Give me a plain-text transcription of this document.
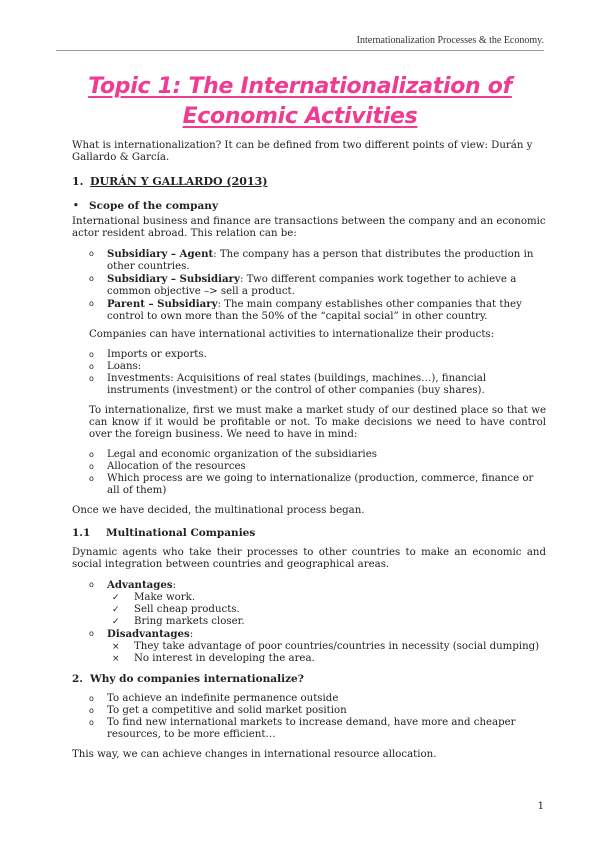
Internationalization Processes & the Economy.
Topic 1: The Internationalization of
Economic Activities

What is internationalization? It can be defined from two different points of view: Durán y Gallardo & García.

1. DURÁN Y GALLARDO (2013)
• Scope of the company

International business and finance are transactions between the company and an economic actor resident abroad. This relation can be:

o	Subsidiary – Agent: The company has a person that distributes the production in other countries.
o	Subsidiary – Subsidiary: Two different companies work together to achieve a common objective –> sell a product.
o	Parent – Subsidiary: The main company establishes other companies that they control to own more than the 50% of the “capital social” in other country.

Companies can have international activities to internationalize their products:

o	Imports or exports.
o	Loans:
o	Investments: Acquisitions of real states (buildings, machines…), financial instruments (investment) or the control of other companies (buy shares).

To internationalize, first we must make a market study of our destined place so that we can know if it would be profitable or not. To make decisions we need to have control over the foreign business. We need to have in mind:

o	Legal and economic organization of the subsidiaries
o	Allocation of the resources
o	Which process are we going to internationalize (production, commerce, finance or all of them)

Once we have decided, the multinational process began.

1.1	Multinational Companies

Dynamic agents who take their processes to other countries to make an economic and social integration between countries and geographical areas.

o	Advantages:
✓	Make work.
✓	Sell cheap products.
✓	Bring markets closer.
o	Disadvantages:
×	They take advantage of poor countries/countries in necessity (social dumping)
×	No interest in developing the area.
2. Why do companies internationalize?
o	To achieve an indefinite permanence outside
o	To get a competitive and solid market position
o	To find new international markets to increase demand, have more and cheaper resources, to be more efficient…

This way, we can achieve changes in international resource allocation.

1
